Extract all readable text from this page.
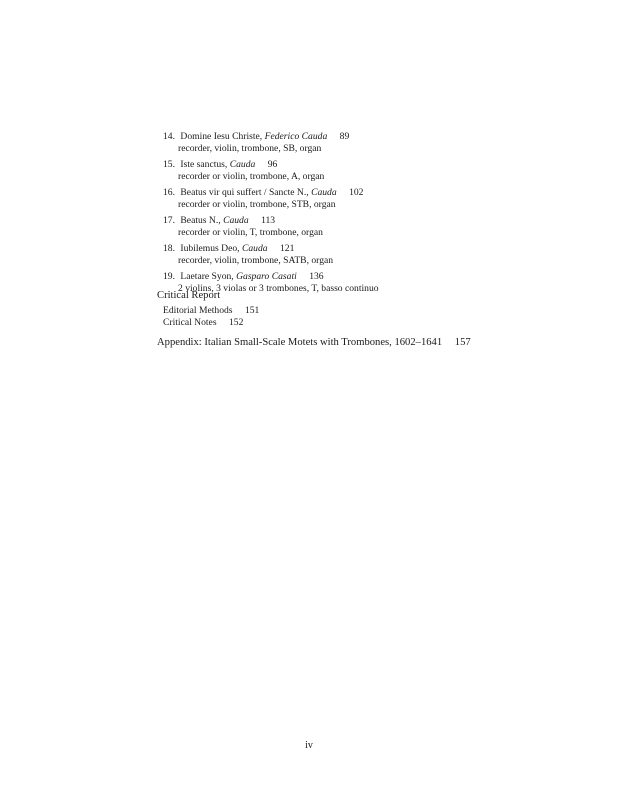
14. Domine Iesu Christe, Federico Cauda 89
recorder, violin, trombone, SB, organ
15. Iste sanctus, Cauda 96
recorder or violin, trombone, A, organ
16. Beatus vir qui suffert / Sancte N., Cauda 102
recorder or violin, trombone, STB, organ
17. Beatus N., Cauda 113
recorder or violin, T, trombone, organ
18. Iubilemus Deo, Cauda 121
recorder, violin, trombone, SATB, organ
19. Laetare Syon, Gasparo Casati 136
2 violins, 3 violas or 3 trombones, T, basso continuo
Critical Report
Editorial Methods 151
Critical Notes 152
Appendix: Italian Small-Scale Motets with Trombones, 1602–1641 157
iv
